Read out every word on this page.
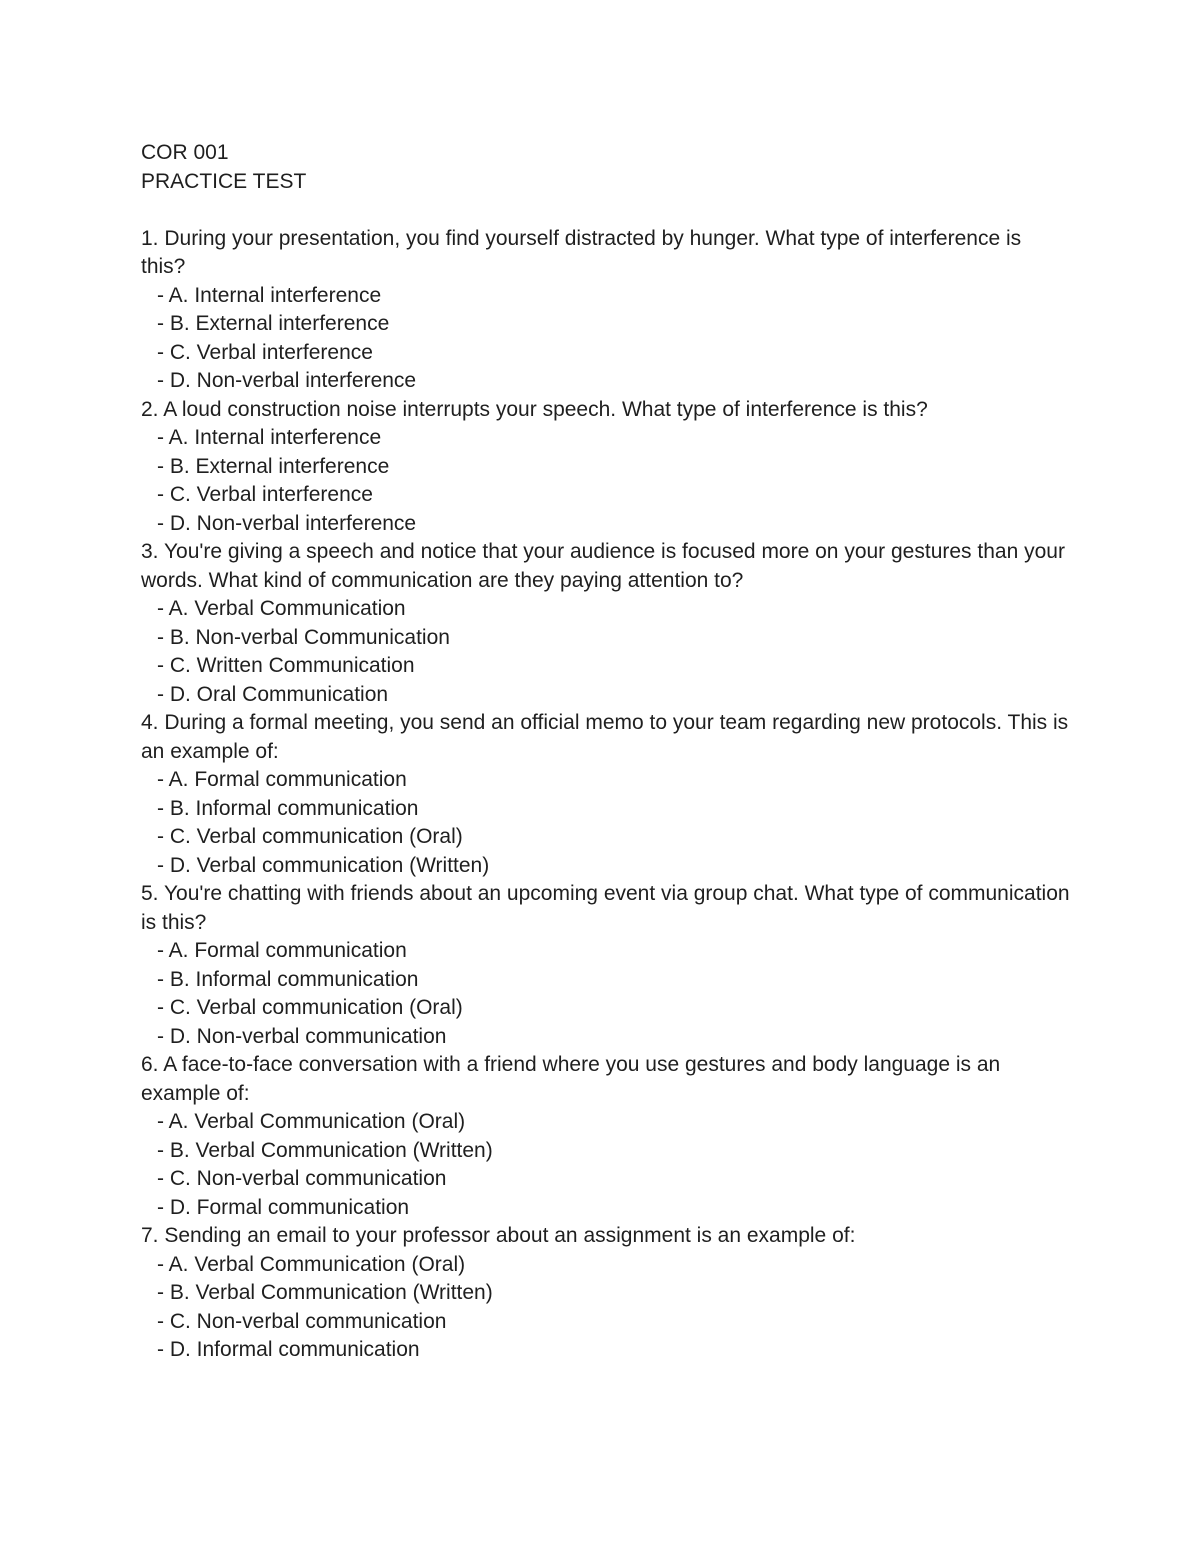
COR 001

PRACTICE TEST

1. During your presentation, you find yourself distracted by hunger. What type of interference is this?
- A. Internal interference
- B. External interference
- C. Verbal interference
- D. Non-verbal interference
2. A loud construction noise interrupts your speech. What type of interference is this?
- A. Internal interference
- B. External interference
- C. Verbal interference
- D. Non-verbal interference
3. You're giving a speech and notice that your audience is focused more on your gestures than your words. What kind of communication are they paying attention to?
- A. Verbal Communication
- B. Non-verbal Communication
- C. Written Communication
- D. Oral Communication
4. During a formal meeting, you send an official memo to your team regarding new protocols. This is an example of:
- A. Formal communication
- B. Informal communication
- C. Verbal communication (Oral)
- D. Verbal communication (Written)
5. You're chatting with friends about an upcoming event via group chat. What type of communication is this?
- A. Formal communication
- B. Informal communication
- C. Verbal communication (Oral)
- D. Non-verbal communication
6. A face-to-face conversation with a friend where you use gestures and body language is an example of:
- A. Verbal Communication (Oral)
- B. Verbal Communication (Written)
- C. Non-verbal communication
- D. Formal communication
7. Sending an email to your professor about an assignment is an example of:
- A. Verbal Communication (Oral)
- B. Verbal Communication (Written)
- C. Non-verbal communication
- D. Informal communication
